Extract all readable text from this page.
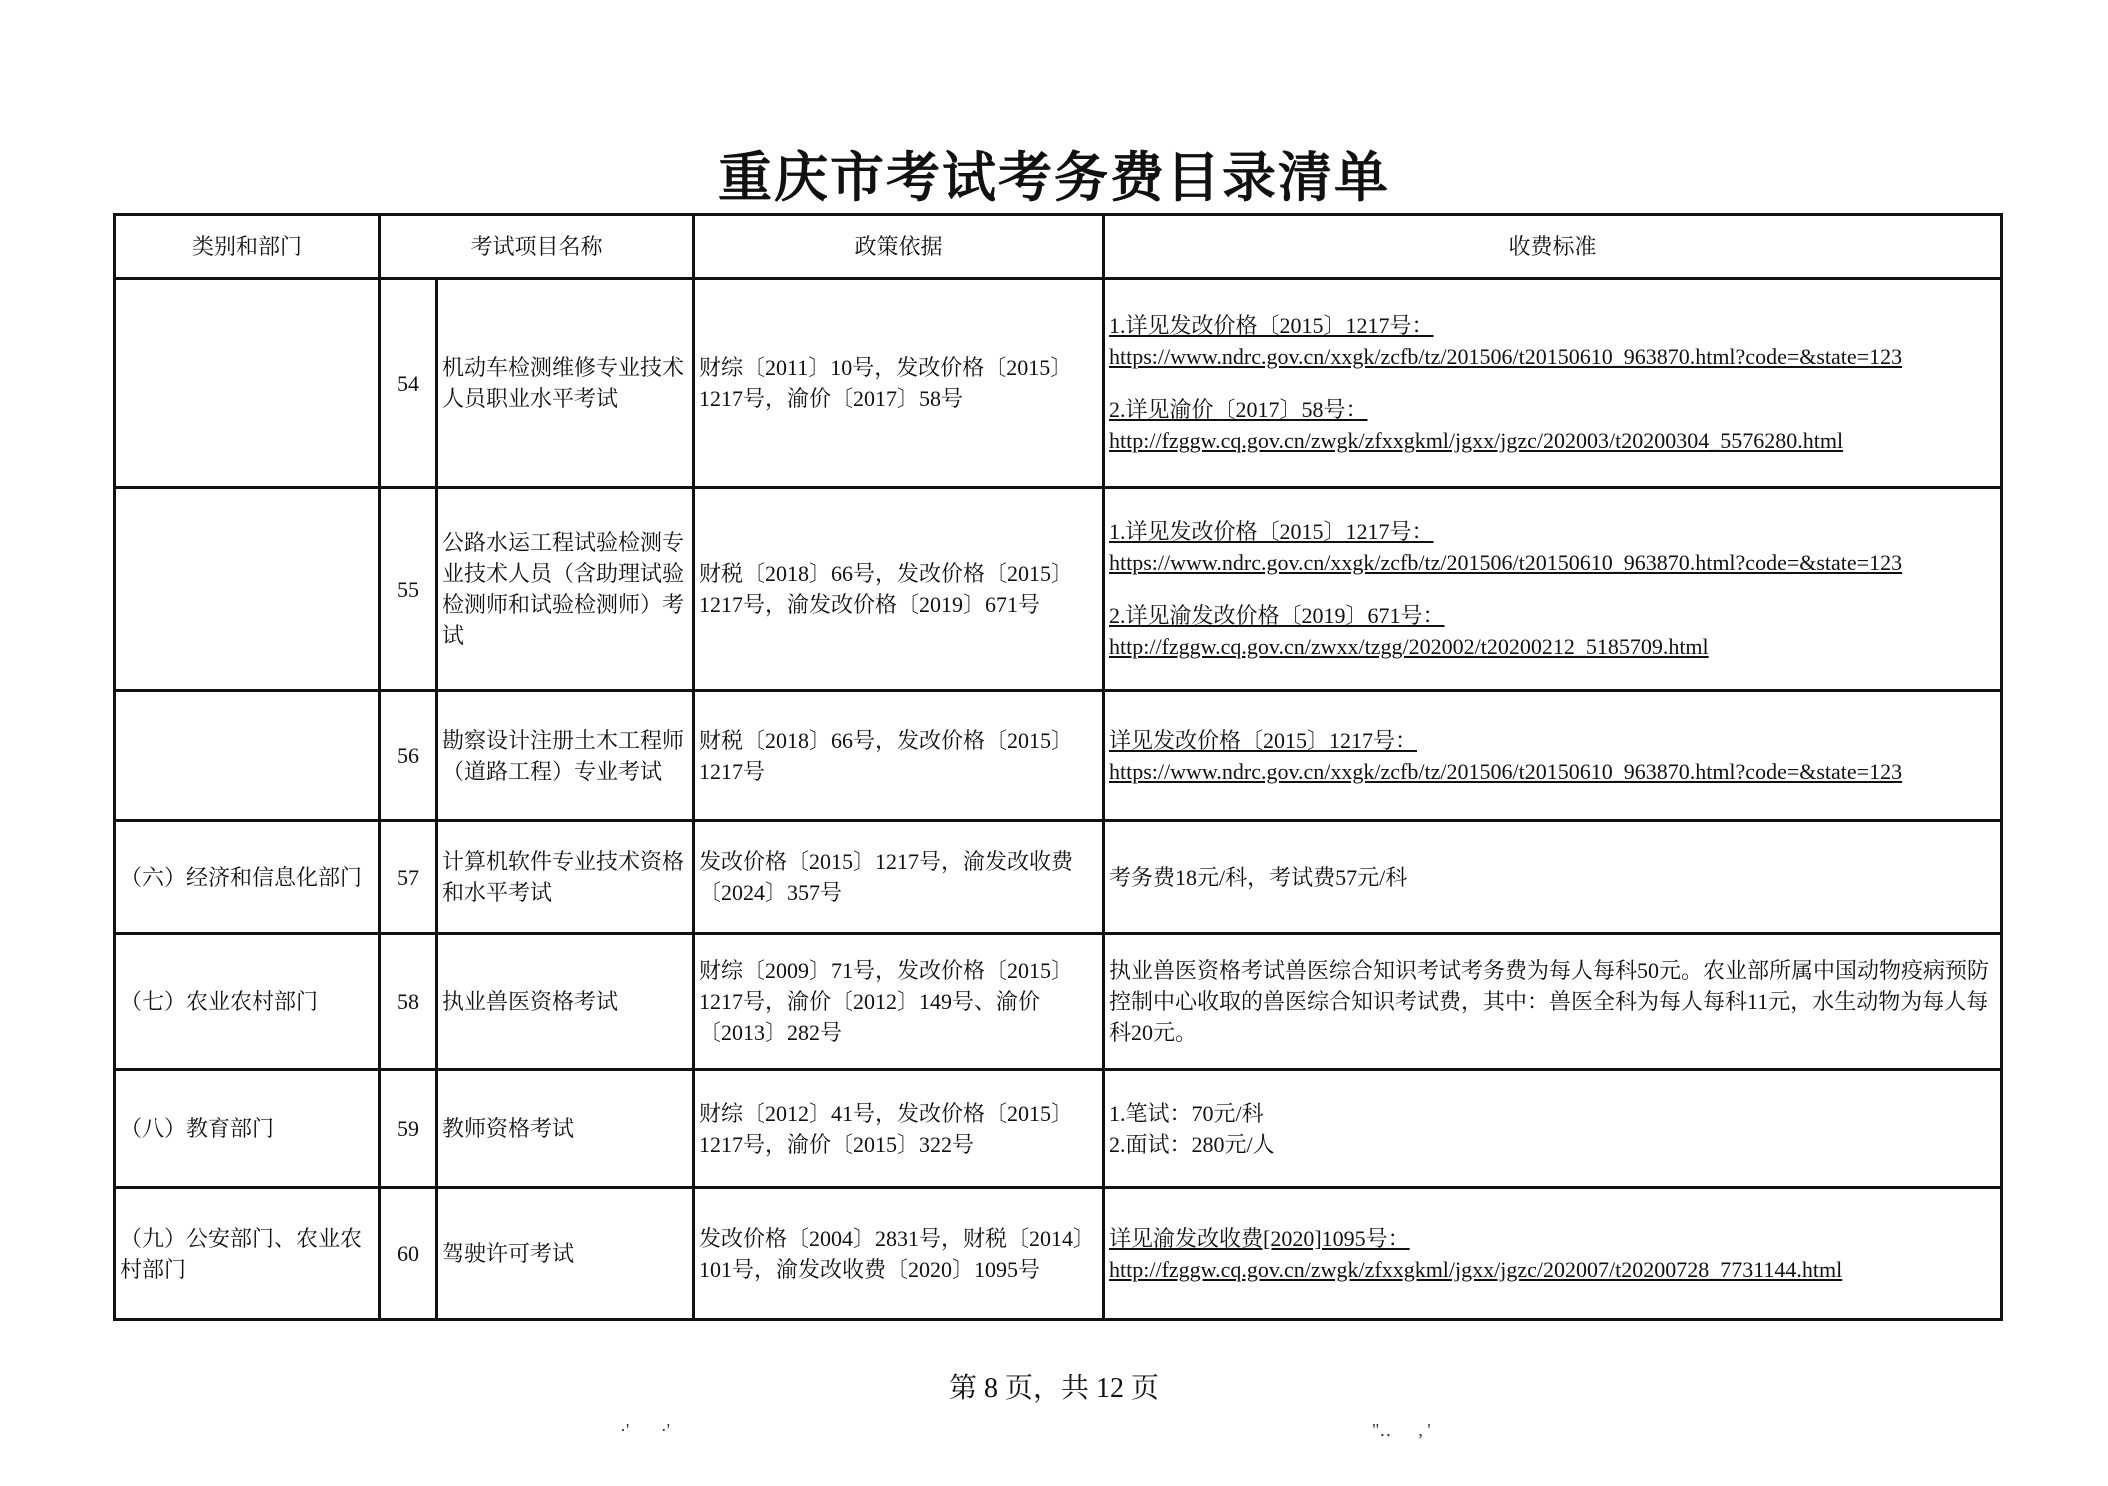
重庆市考试考务费目录清单
类别和部门	考试项目名称		政策依据	收费标准
	54	机动车检测维修专业技术人员职业水平考试	财综〔2011〕10号，发改价格〔2015〕1217号，渝价〔2017〕58号	1.详见发改价格〔2015〕1217号：
https://www.ndrc.gov.cn/xxgk/zcfb/tz/201506/t20150610_963870.html?code=&state=123
2.详见渝价〔2017〕58号：
http://fzggw.cq.gov.cn/zwgk/zfxxgkml/jgxx/jgzc/202003/t20200304_5576280.html

	55	公路水运工程试验检测专业技术人员（含助理试验检测师和试验检测师）考试	财税〔2018〕66号，发改价格〔2015〕1217号，渝发改价格〔2019〕671号	1.详见发改价格〔2015〕1217号：
https://www.ndrc.gov.cn/xxgk/zcfb/tz/201506/t20150610_963870.html?code=&state=123
2.详见渝发改价格〔2019〕671号：
http://fzggw.cq.gov.cn/zwxx/tzgg/202002/t20200212_5185709.html

	56	勘察设计注册土木工程师（道路工程）专业考试	财税〔2018〕66号，发改价格〔2015〕1217号	详见发改价格〔2015〕1217号：
https://www.ndrc.gov.cn/xxgk/zcfb/tz/201506/t20150610_963870.html?code=&state=123

（六）经济和信息化部门	57	计算机软件专业技术资格和水平考试	发改价格〔2015〕1217号，渝发改收费〔2024〕357号	考务费18元/科，考试费57元/科

（七）农业农村部门	58	执业兽医资格考试	财综〔2009〕71号，发改价格〔2015〕1217号，渝价〔2012〕149号、渝价〔2013〕282号	执业兽医资格考试兽医综合知识考试考务费为每人每科50元。农业部所属中国动物疫病预防控制中心收取的兽医综合知识考试费，其中：兽医全科为每人每科11元，水生动物为每人每科20元。

（八）教育部门	59	教师资格考试	财综〔2012〕41号，发改价格〔2015〕1217号，渝价〔2015〕322号	1.笔试：70元/科
2.面试：280元/人

（九）公安部门、农业农村部门	60	驾驶许可考试	发改价格〔2004〕2831号，财税〔2014〕101号，渝发改收费〔2020〕1095号	详见渝发改收费[2020]1095号：
http://fzggw.cq.gov.cn/zwgk/zfxxgkml/jgxx/jgzc/202007/t20200728_7731144.html
第 8 页，共 12 页
·'       ·'	"‥      , '
